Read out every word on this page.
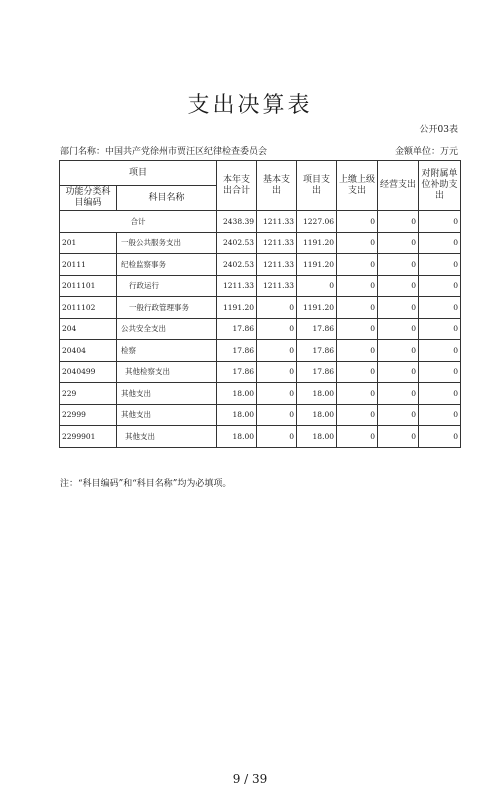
支出决算表
公开03表
部门名称：中国共产党徐州市贾汪区纪律检查委员会	金额单位：万元
项目		本年支出合计	基本支出	项目支出	上缴上级支出	经营支出	对附属单位补助支出
功能分类科目编码	科目名称						
合计		2438.39	1211.33	1227.06	0	0	0
201	一般公共服务支出	2402.53	1211.33	1191.20	0	0	0
20111	纪检监察事务	2402.53	1211.33	1191.20	0	0	0
2011101	行政运行	1211.33	1211.33	0	0	0	0
2011102	一般行政管理事务	1191.20	0	1191.20	0	0	0
204	公共安全支出	17.86	0	17.86	0	0	0
20404	检察	17.86	0	17.86	0	0	0
2040499	其他检察支出	17.86	0	17.86	0	0	0
229	其他支出	18.00	0	18.00	0	0	0
22999	其他支出	18.00	0	18.00	0	0	0
2299901	其他支出	18.00	0	18.00	0	0	0
注：“科目编码”和“科目名称”均为必填项。
9 / 39
